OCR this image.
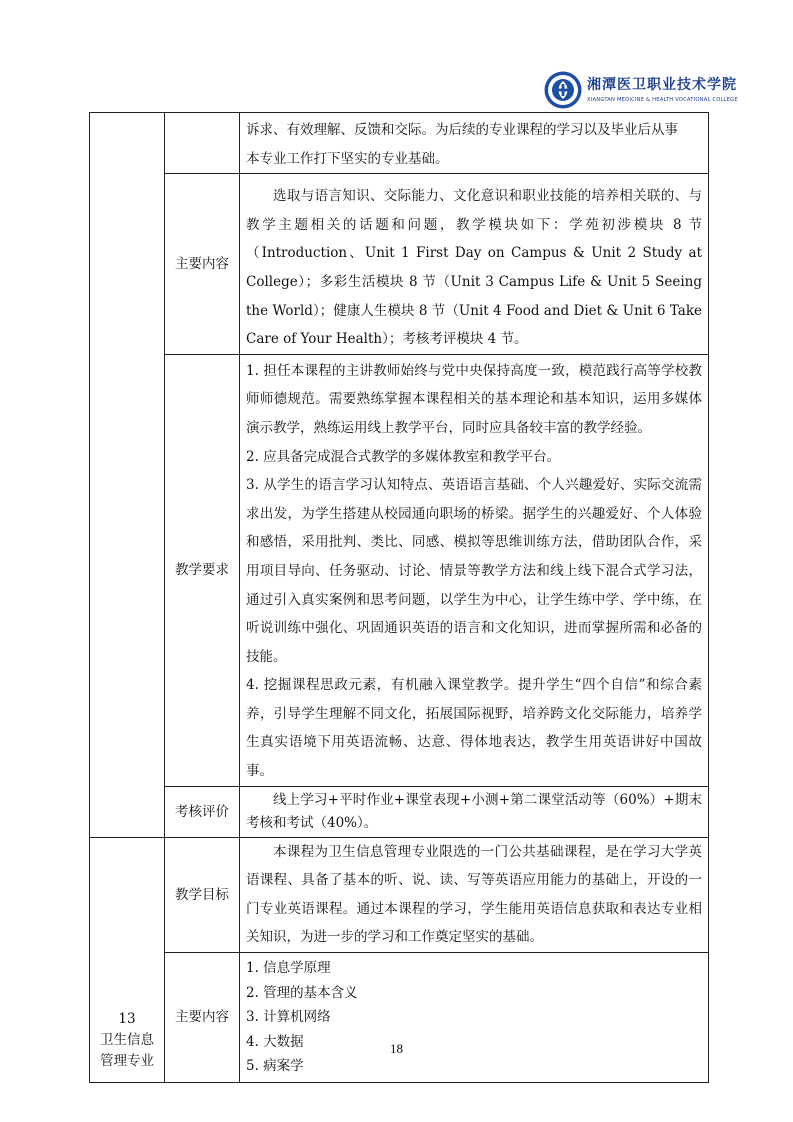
湘潭医卫职业技术学院
XIANGTAN MEDICINE & HEALTH VOCATIONAL COLLEGE

		诉求、有效理解、反馈和交际。为后续的专业课程的学习以及毕业后从事

本专业工作打下坚实的专业基础。

	主要内容	选取与语言知识、交际能力、文化意识和职业技能的培养相关联的、与教学主题相关的话题和问题，教学模块如下：学苑初涉模块 8 节（Introduction、Unit 1 First Day on Campus & Unit 2 Study at College）；多彩生活模块 8 节（Unit 3 Campus Life & Unit 5 Seeing the World）；健康人生模块 8 节（Unit 4 Food and Diet & Unit 6 Take Care of Your Health）；考核考评模块 4 节。

	教学要求	1. 担任本课程的主讲教师始终与党中央保持高度一致，模范践行高等学校教师师德规范。需要熟练掌握本课程相关的基本理论和基本知识，运用多媒体演示教学，熟练运用线上教学平台，同时应具备较丰富的教学经验。

2. 应具备完成混合式教学的多媒体教室和教学平台。

3. 从学生的语言学习认知特点、英语语言基础、个人兴趣爱好、实际交流需求出发，为学生搭建从校园通向职场的桥梁。据学生的兴趣爱好、个人体验和感悟，采用批判、类比、同感、模拟等思维训练方法，借助团队合作，采用项目导向、任务驱动、讨论、情景等教学方法和线上线下混合式学习法，通过引入真实案例和思考问题，以学生为中心，让学生练中学、学中练，在听说训练中强化、巩固通识英语的语言和文化知识，进而掌握所需和必备的技能。

4. 挖掘课程思政元素，有机融入课堂教学。提升学生“四个自信”和综合素养，引导学生理解不同文化，拓展国际视野，培养跨文化交际能力，培养学生真实语境下用英语流畅、达意、得体地表达，教学生用英语讲好中国故事。

	考核评价	线上学习+平时作业+课堂表现+小测+第二课堂活动等（60%）+期末考核和考试（40%）。

13
卫生信息
管理专业	教学目标	本课程为卫生信息管理专业限选的一门公共基础课程，是在学习大学英语课程、具备了基本的听、说、读、写等英语应用能力的基础上，开设的一门专业英语课程。通过本课程的学习，学生能用英语信息获取和表达专业相关知识，为进一步的学习和工作奠定坚实的基础。

	主要内容	1. 信息学原理

2. 管理的基本含义

3. 计算机网络

4. 大数据

5. 病案学

18
